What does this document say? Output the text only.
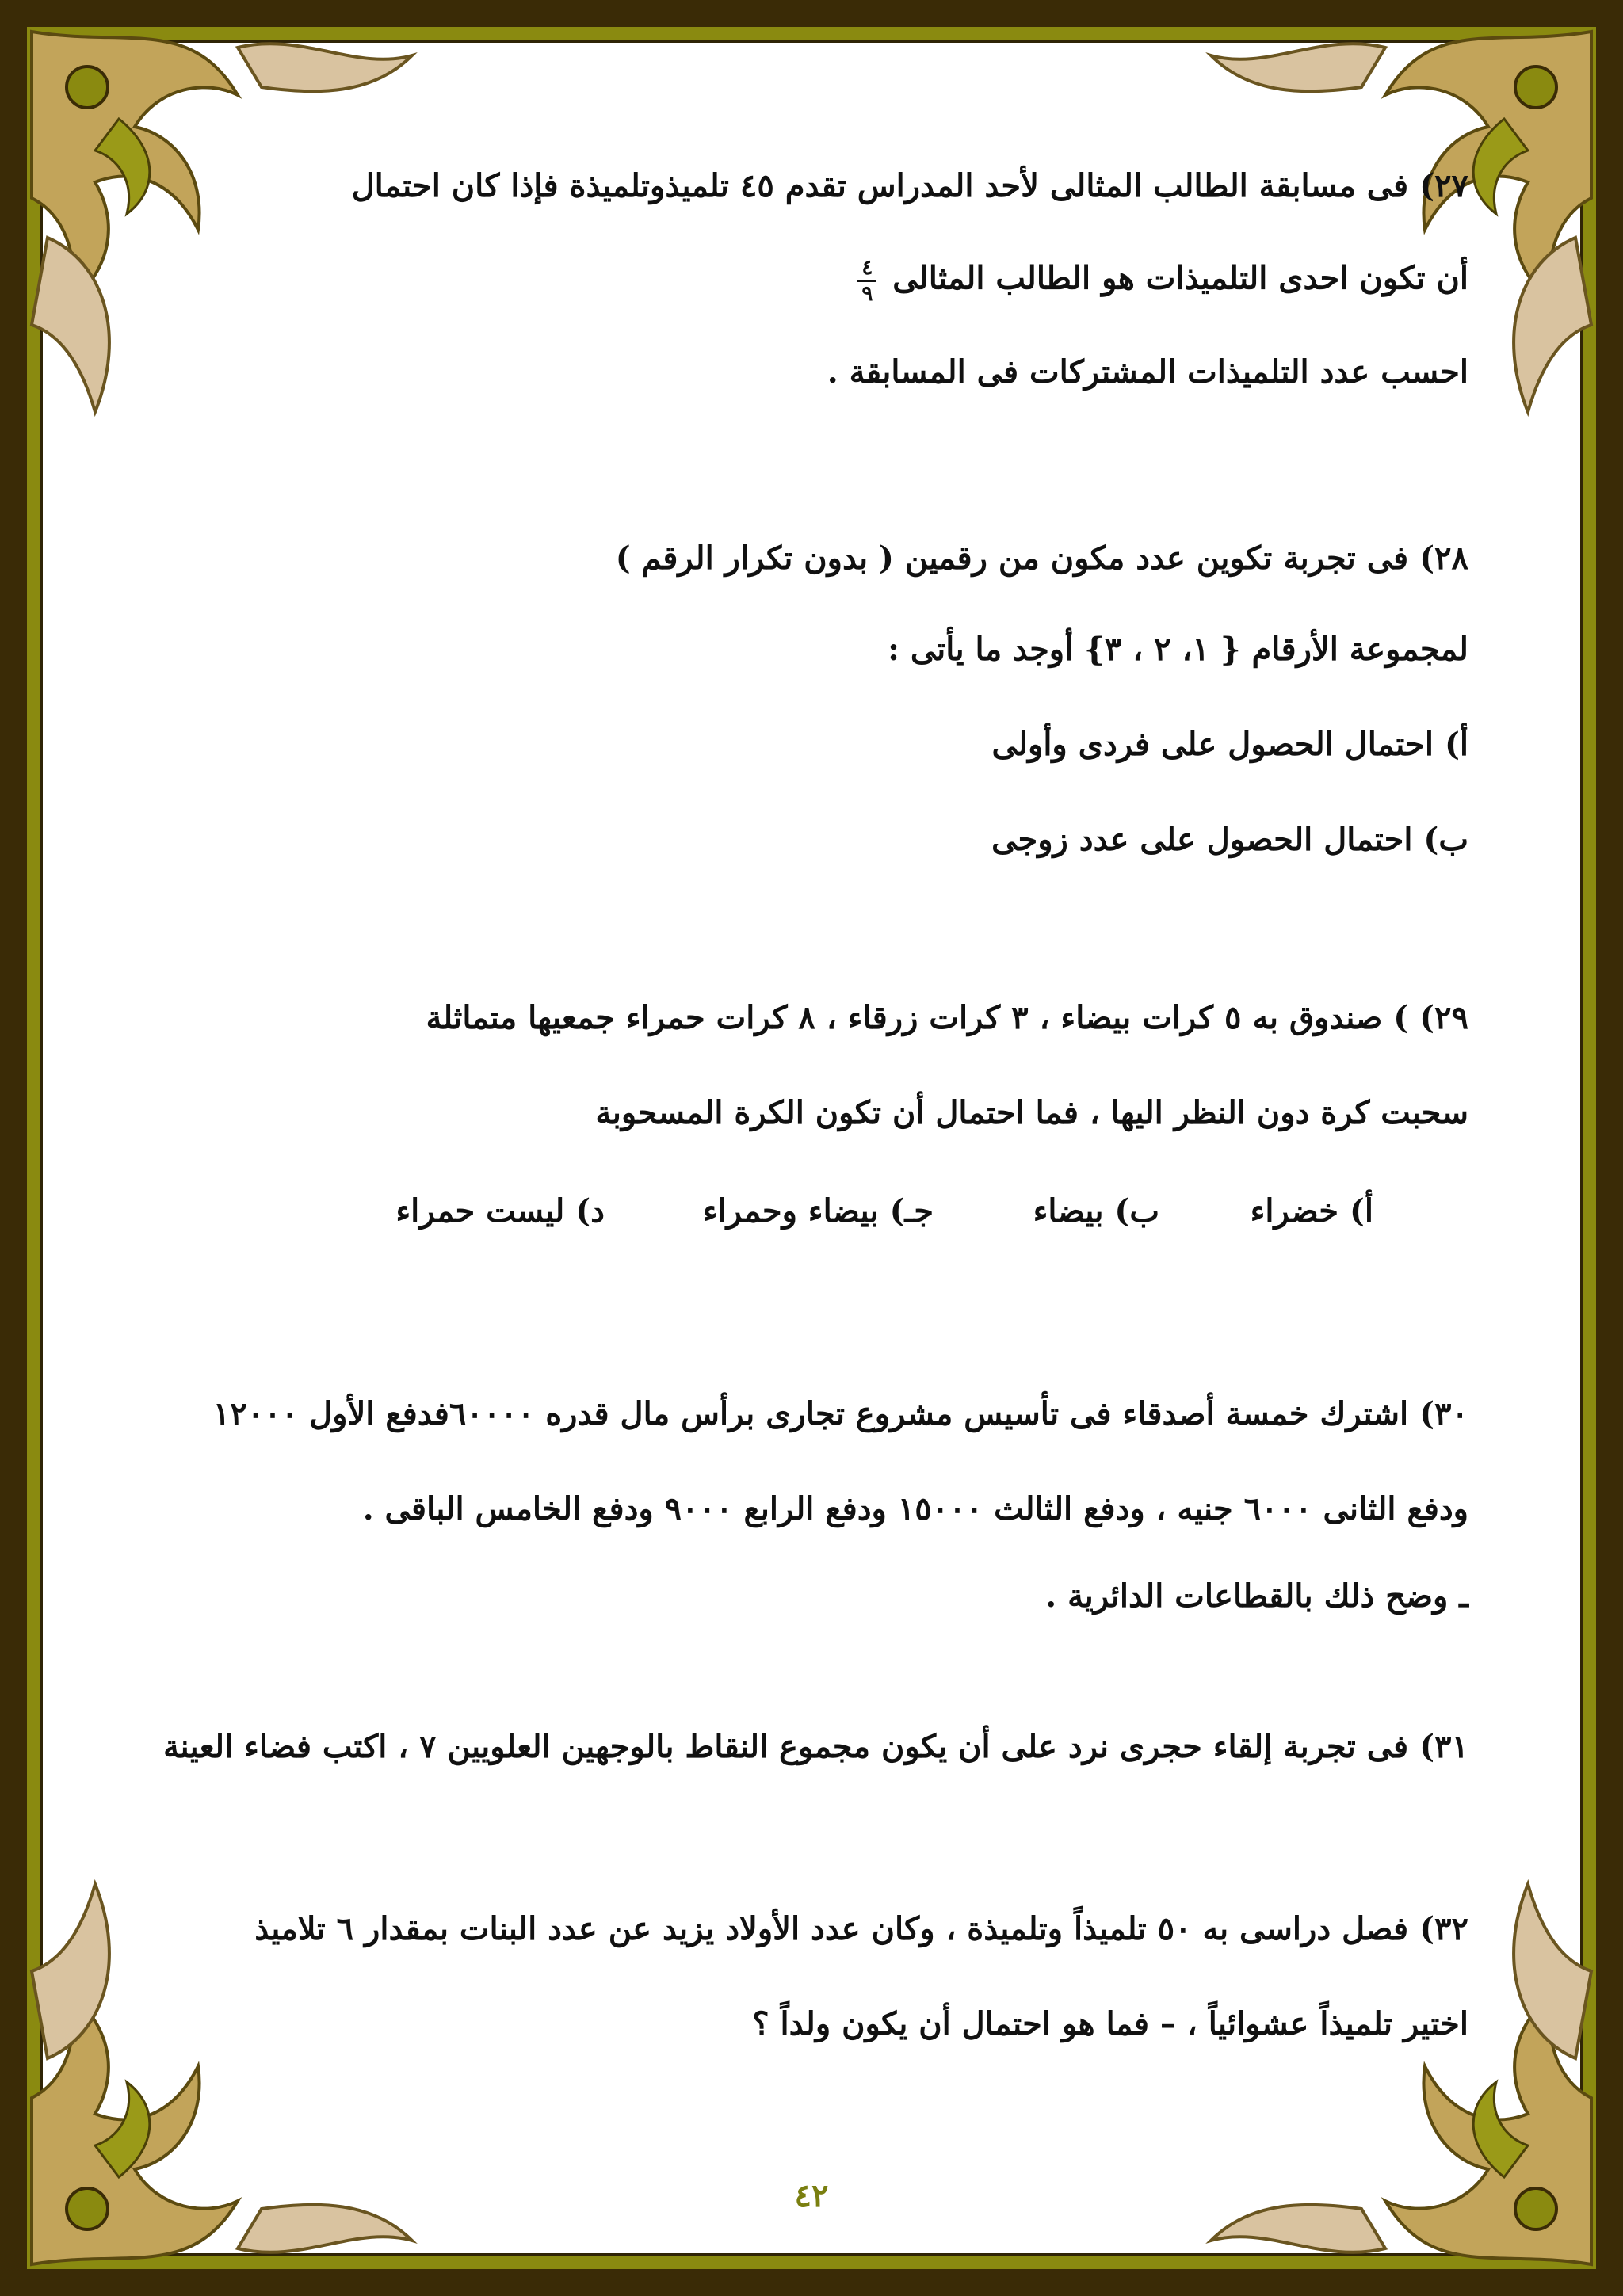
٢٧) فى مسابقة الطالب المثالى لأحد المدراس تقدم ٤٥ تلميذوتلميذة فإذا كان احتمال
أن تكون احدى التلميذات هو الطالب المثالى
$\frac{٤}{٩}$
احسب عدد التلميذات المشتركات فى المسابقة .
٢٨) فى تجربة تكوين عدد مكون من رقمين ( بدون تكرار الرقم )
لمجموعة الأرقام { ١، ٢ ، ٣} أوجد ما يأتى :
أ) احتمال الحصول على فردى وأولى
ب) احتمال الحصول على عدد زوجى
٢٩) ) صندوق به ٥ كرات بيضاء ، ٣ كرات زرقاء ، ٨ كرات حمراء جمعيها متماثلة
سحبت كرة دون النظر اليها ، فما احتمال أن تكون الكرة المسحوبة
أ) خضراء
ب) بيضاء
جـ) بيضاء وحمراء
د) ليست حمراء
٣٠) اشترك خمسة أصدقاء فى تأسيس مشروع تجارى برأس مال قدره ٦٠٠٠٠فدفع الأول ١٢٠٠٠
ودفع الثانى ٦٠٠٠ جنيه ، ودفع الثالث ١٥٠٠٠ ودفع الرابع ٩٠٠٠ ودفع الخامس الباقى .
ـ وضح ذلك بالقطاعات الدائرية .
٣١) فى تجربة إلقاء حجرى نرد على أن يكون مجموع النقاط بالوجهين العلويين ٧ ، اكتب فضاء العينة
٣٢) فصل دراسى به ٥٠ تلميذاً وتلميذة ، وكان عدد الأولاد يزيد عن عدد البنات بمقدار ٦ تلاميذ
اختير تلميذاً عشوائياً ، – فما هو احتمال أن يكون ولداً ؟
٤٢
